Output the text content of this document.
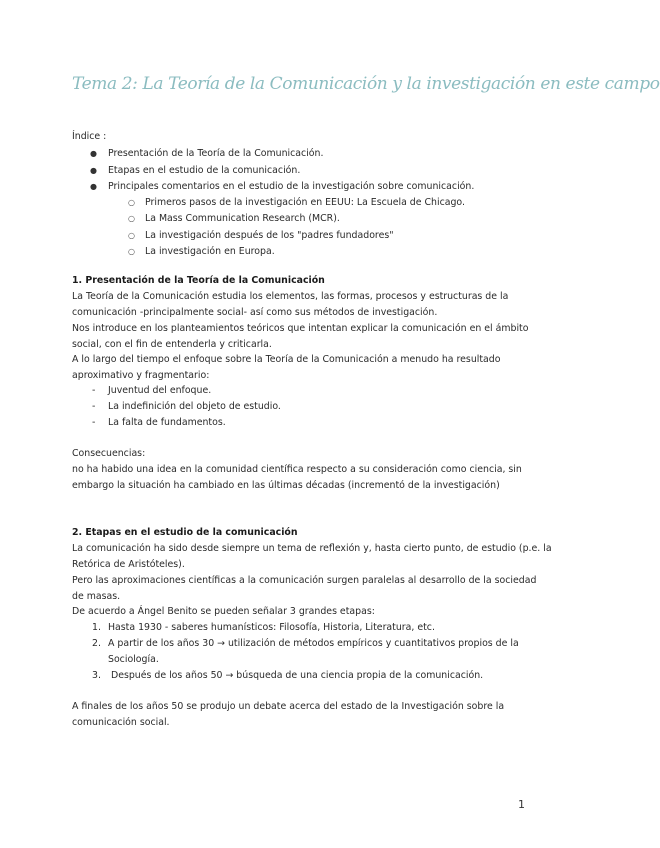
Tema 2: La Teoría de la Comunicación y la investigación en este campo
Índice :
● Presentación de la Teoría de la Comunicación.
● Etapas en el estudio de la comunicación.
● Principales comentarios en el estudio de la investigación sobre comunicación.
○ Primeros pasos de la investigación en EEUU: La Escuela de Chicago.
○ La Mass Communication Research (MCR).
○ La investigación después de los "padres fundadores"
○ La investigación en Europa.
1. Presentación de la Teoría de la Comunicación
La Teoría de la Comunicación estudia los elementos, las formas, procesos y estructuras de la
comunicación -principalmente social- así como sus métodos de investigación.
Nos introduce en los planteamientos teóricos que intentan explicar la comunicación en el ámbito
social, con el fin de entenderla y criticarla.
A lo largo del tiempo el enfoque sobre la Teoría de la Comunicación a menudo ha resultado
aproximativo y fragmentario:
- Juventud del enfoque.
- La indefinición del objeto de estudio.
- La falta de fundamentos.
Consecuencias:
no ha habido una idea en la comunidad científica respecto a su consideración como ciencia, sin
embargo la situación ha cambiado en las últimas décadas (incrementó de la investigación)
2. Etapas en el estudio de la comunicación
La comunicación ha sido desde siempre un tema de reflexión y, hasta cierto punto, de estudio (p.e. la
Retórica de Aristóteles).
Pero las aproximaciones científicas a la comunicación surgen paralelas al desarrollo de la sociedad
de masas.
De acuerdo a Ángel Benito se pueden señalar 3 grandes etapas:
1. Hasta 1930 - saberes humanísticos: Filosofía, Historia, Literatura, etc.
2. A partir de los años 30 → utilización de métodos empíricos y cuantitativos propios de la
Sociología.
3. Después de los años 50 → búsqueda de una ciencia propia de la comunicación.
A finales de los años 50 se produjo un debate acerca del estado de la Investigación sobre la
comunicación social.
1
